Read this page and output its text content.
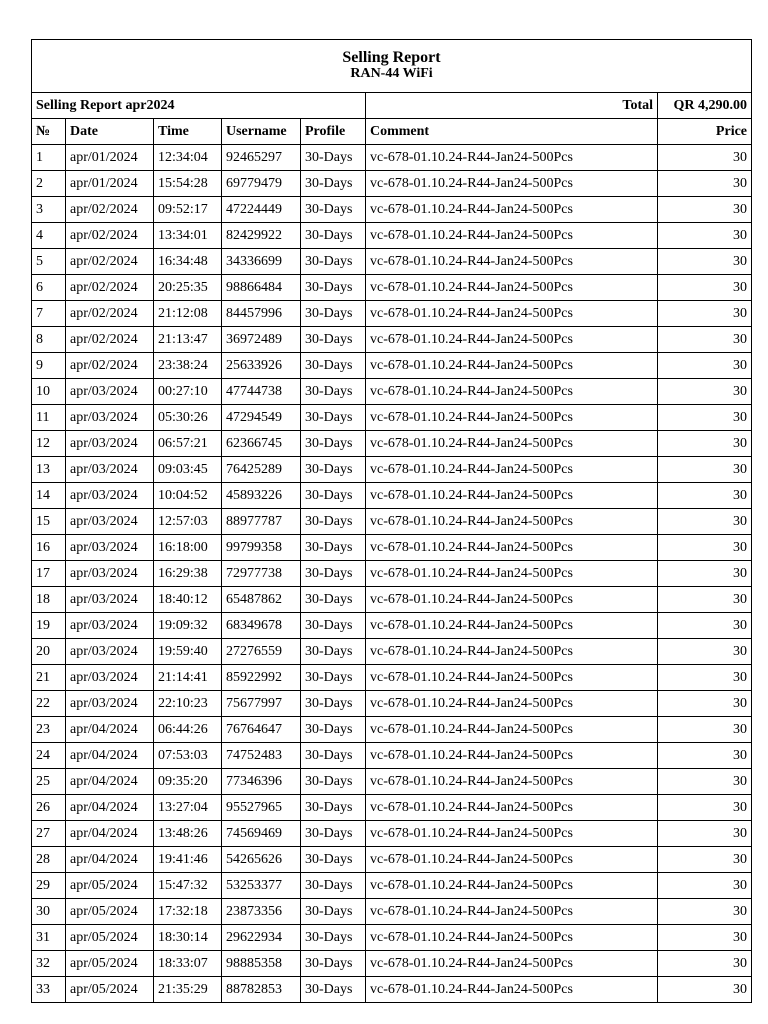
Selling Report
RAN-44 WiFi						

Selling Report apr2024					Total	QR 4,290.00
№	Date	Time	Username	Profile	Comment	Price
1	apr/01/2024	12:34:04	92465297	30-Days	vc-678-01.10.24-R44-Jan24-500Pcs	30
2	apr/01/2024	15:54:28	69779479	30-Days	vc-678-01.10.24-R44-Jan24-500Pcs	30
3	apr/02/2024	09:52:17	47224449	30-Days	vc-678-01.10.24-R44-Jan24-500Pcs	30
4	apr/02/2024	13:34:01	82429922	30-Days	vc-678-01.10.24-R44-Jan24-500Pcs	30
5	apr/02/2024	16:34:48	34336699	30-Days	vc-678-01.10.24-R44-Jan24-500Pcs	30
6	apr/02/2024	20:25:35	98866484	30-Days	vc-678-01.10.24-R44-Jan24-500Pcs	30
7	apr/02/2024	21:12:08	84457996	30-Days	vc-678-01.10.24-R44-Jan24-500Pcs	30
8	apr/02/2024	21:13:47	36972489	30-Days	vc-678-01.10.24-R44-Jan24-500Pcs	30
9	apr/02/2024	23:38:24	25633926	30-Days	vc-678-01.10.24-R44-Jan24-500Pcs	30
10	apr/03/2024	00:27:10	47744738	30-Days	vc-678-01.10.24-R44-Jan24-500Pcs	30
11	apr/03/2024	05:30:26	47294549	30-Days	vc-678-01.10.24-R44-Jan24-500Pcs	30
12	apr/03/2024	06:57:21	62366745	30-Days	vc-678-01.10.24-R44-Jan24-500Pcs	30
13	apr/03/2024	09:03:45	76425289	30-Days	vc-678-01.10.24-R44-Jan24-500Pcs	30
14	apr/03/2024	10:04:52	45893226	30-Days	vc-678-01.10.24-R44-Jan24-500Pcs	30
15	apr/03/2024	12:57:03	88977787	30-Days	vc-678-01.10.24-R44-Jan24-500Pcs	30
16	apr/03/2024	16:18:00	99799358	30-Days	vc-678-01.10.24-R44-Jan24-500Pcs	30
17	apr/03/2024	16:29:38	72977738	30-Days	vc-678-01.10.24-R44-Jan24-500Pcs	30
18	apr/03/2024	18:40:12	65487862	30-Days	vc-678-01.10.24-R44-Jan24-500Pcs	30
19	apr/03/2024	19:09:32	68349678	30-Days	vc-678-01.10.24-R44-Jan24-500Pcs	30
20	apr/03/2024	19:59:40	27276559	30-Days	vc-678-01.10.24-R44-Jan24-500Pcs	30
21	apr/03/2024	21:14:41	85922992	30-Days	vc-678-01.10.24-R44-Jan24-500Pcs	30
22	apr/03/2024	22:10:23	75677997	30-Days	vc-678-01.10.24-R44-Jan24-500Pcs	30
23	apr/04/2024	06:44:26	76764647	30-Days	vc-678-01.10.24-R44-Jan24-500Pcs	30
24	apr/04/2024	07:53:03	74752483	30-Days	vc-678-01.10.24-R44-Jan24-500Pcs	30
25	apr/04/2024	09:35:20	77346396	30-Days	vc-678-01.10.24-R44-Jan24-500Pcs	30
26	apr/04/2024	13:27:04	95527965	30-Days	vc-678-01.10.24-R44-Jan24-500Pcs	30
27	apr/04/2024	13:48:26	74569469	30-Days	vc-678-01.10.24-R44-Jan24-500Pcs	30
28	apr/04/2024	19:41:46	54265626	30-Days	vc-678-01.10.24-R44-Jan24-500Pcs	30
29	apr/05/2024	15:47:32	53253377	30-Days	vc-678-01.10.24-R44-Jan24-500Pcs	30
30	apr/05/2024	17:32:18	23873356	30-Days	vc-678-01.10.24-R44-Jan24-500Pcs	30
31	apr/05/2024	18:30:14	29622934	30-Days	vc-678-01.10.24-R44-Jan24-500Pcs	30
32	apr/05/2024	18:33:07	98885358	30-Days	vc-678-01.10.24-R44-Jan24-500Pcs	30
33	apr/05/2024	21:35:29	88782853	30-Days	vc-678-01.10.24-R44-Jan24-500Pcs	30
